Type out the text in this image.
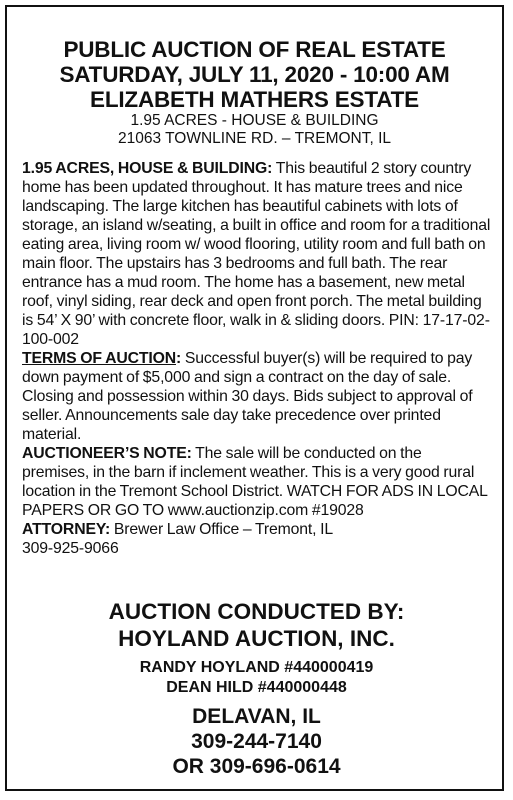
PUBLIC AUCTION OF REAL ESTATE
SATURDAY, JULY 11, 2020 - 10:00 AM
ELIZABETH MATHERS ESTATE
1.95 ACRES - HOUSE & BUILDING
21063 TOWNLINE RD. – TREMONT, IL

1.95 ACRES, HOUSE & BUILDING: This beautiful 2 story country home has been updated throughout. It has mature trees and nice landscaping. The large kitchen has beautiful cabinets with lots of storage, an island w/seating, a built in office and room for a traditional eating area, living room w/ wood flooring, utility room and full bath on main floor. The upstairs has 3 bedrooms and full bath. The rear entrance has a mud room. The home has a basement, new metal roof, vinyl siding, rear deck and open front porch. The metal building is 54’ X 90’ with concrete floor, walk in & sliding doors. PIN: 17-17-02-100-002

TERMS OF AUCTION: Successful buyer(s) will be required to pay down payment of $5,000 and sign a contract on the day of sale. Closing and possession within 30 days. Bids subject to approval of seller. Announcements sale day take precedence over printed material.

AUCTIONEER’S NOTE: The sale will be conducted on the premises, in the barn if inclement weather. This is a very good rural location in the Tremont School District. WATCH FOR ADS IN LOCAL PAPERS OR GO TO www.auctionzip.com #19028

ATTORNEY: Brewer Law Office – Tremont, IL

309-925-9066

AUCTION CONDUCTED BY:
HOYLAND AUCTION, INC.
RANDY HOYLAND #440000419
DEAN HILD #440000448
DELAVAN, IL
309-244-7140
OR 309-696-0614
